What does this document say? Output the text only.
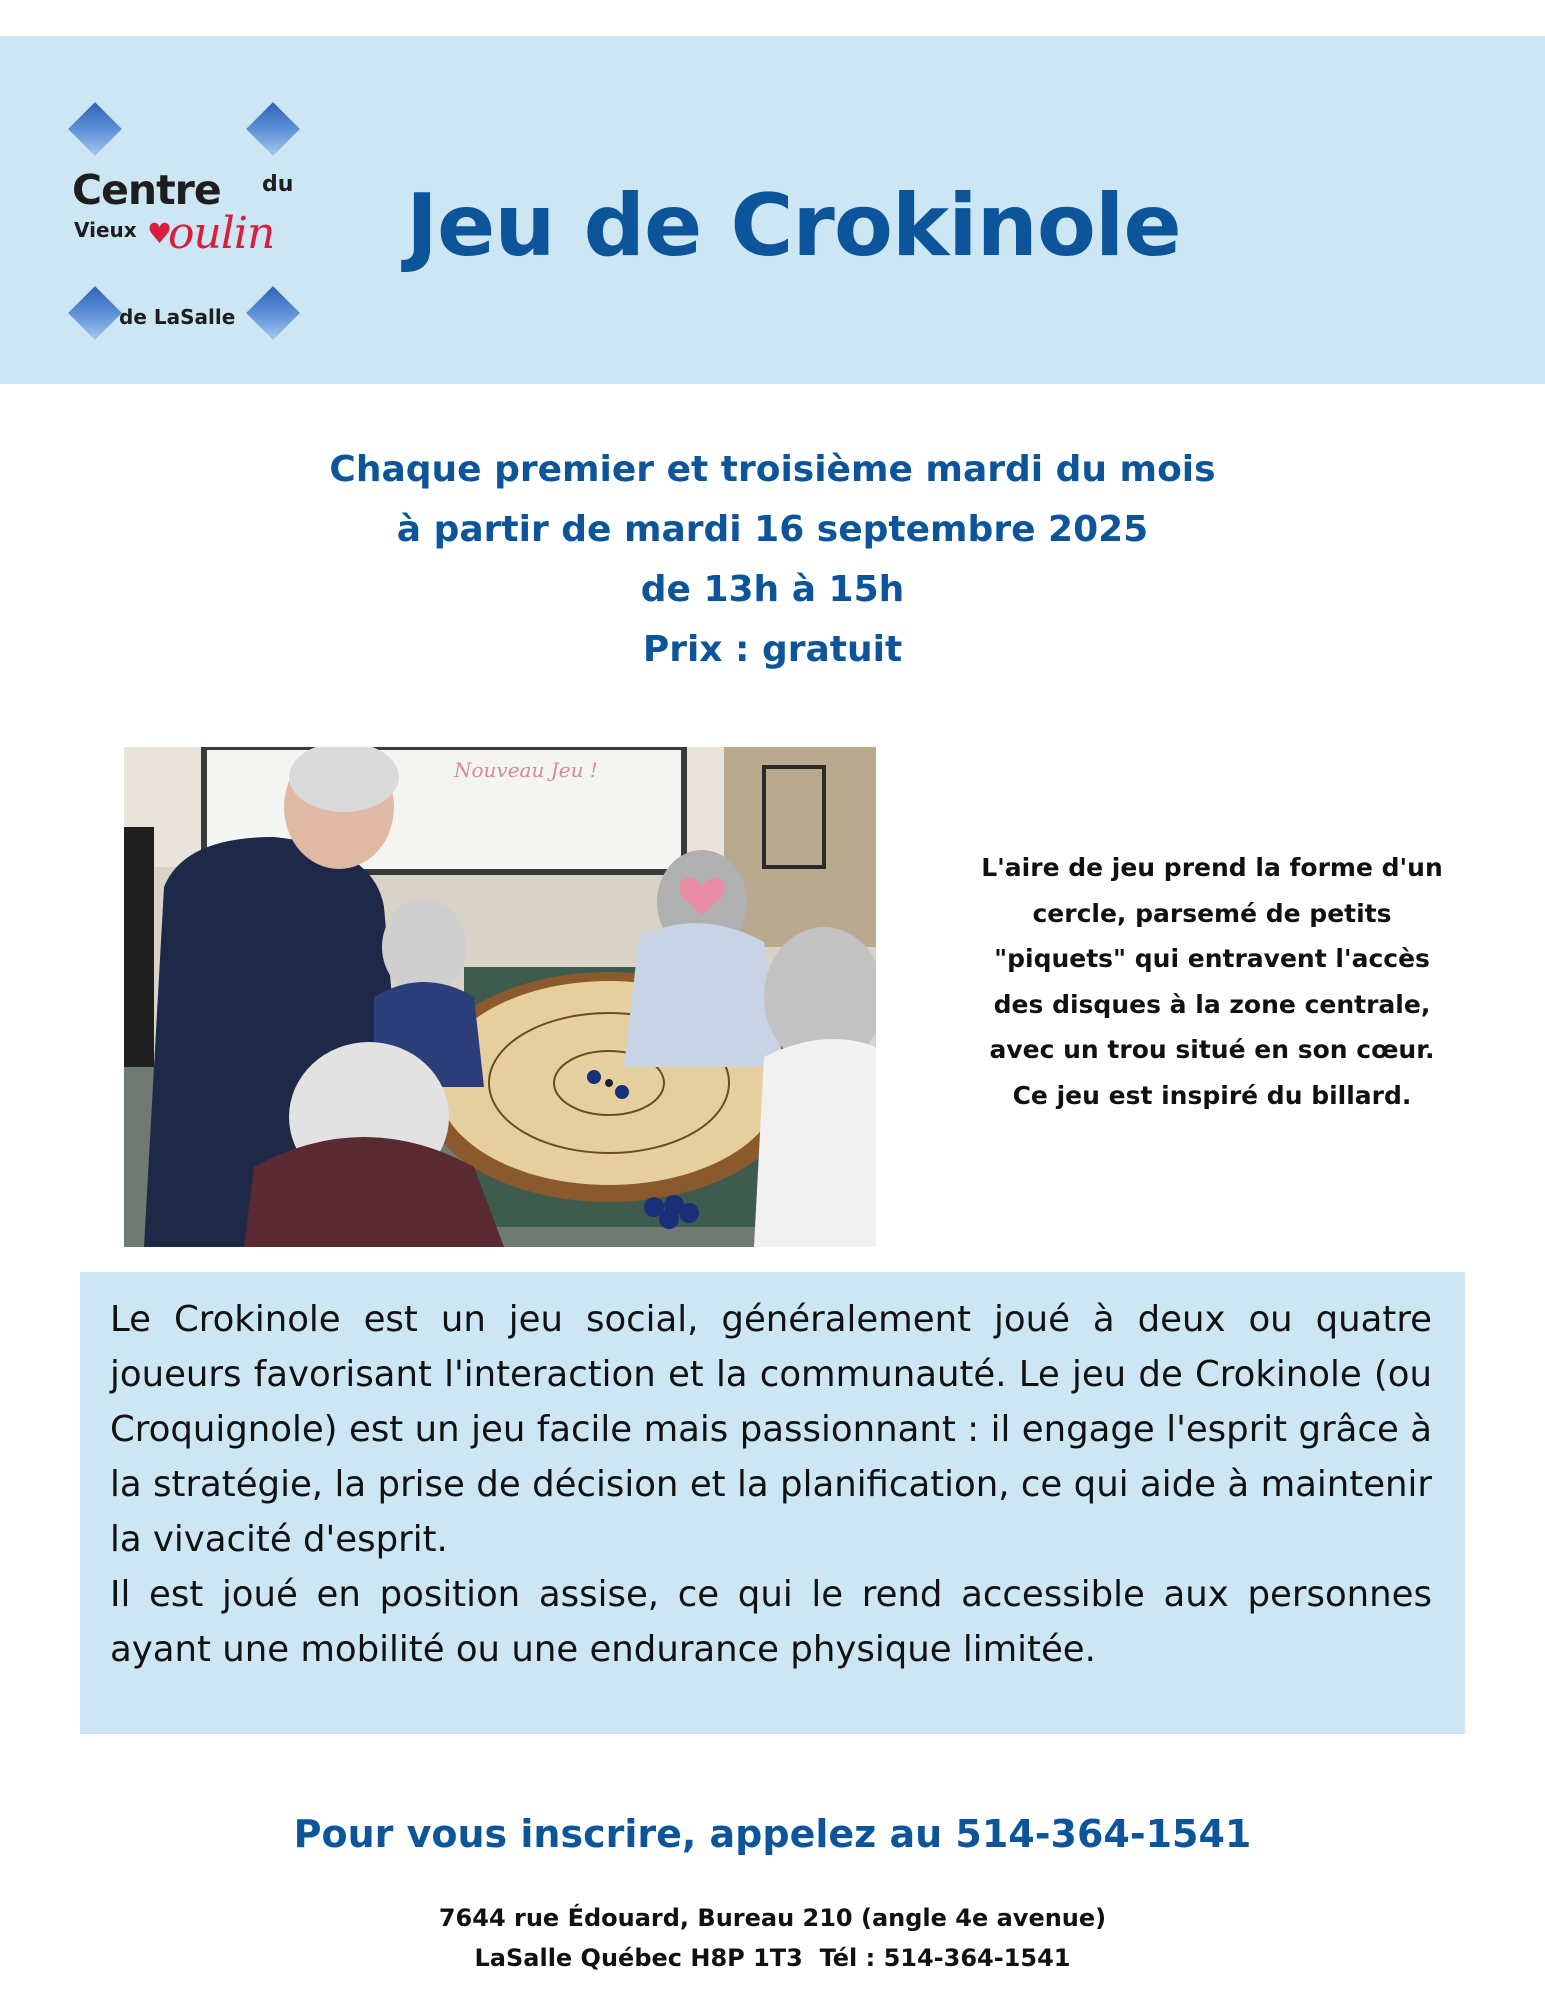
Centre du
Vieux ♥
oulin
de LaSalle
Jeu de Crokinole
Chaque premier et troisième mardi du mois
à partir de mardi 16 septembre 2025
de 13h à 15h
Prix : gratuit
Nouveau Jeu !
L'aire de jeu prend la forme d'un
cercle, parsemé de petits
"piquets" qui entravent l'accès
des disques à la zone centrale,
avec un trou situé en son cœur.
Ce jeu est inspiré du billard.

Le Crokinole est un jeu social, généralement joué à deux ou quatre joueurs favorisant l'interaction et la communauté. Le jeu de Crokinole (ou Croquignole) est un jeu facile mais passionnant : il engage l'esprit grâce à la stratégie, la prise de décision et la planification, ce qui aide à maintenir la vivacité d'esprit.
Il est joué en position assise, ce qui le rend accessible aux personnes ayant une mobilité ou une endurance physique limitée.

Pour vous inscrire, appelez au 514-364-1541
7644 rue Édouard, Bureau 210 (angle 4e avenue)
LaSalle Québec H8P 1T3  Tél : 514-364-1541
